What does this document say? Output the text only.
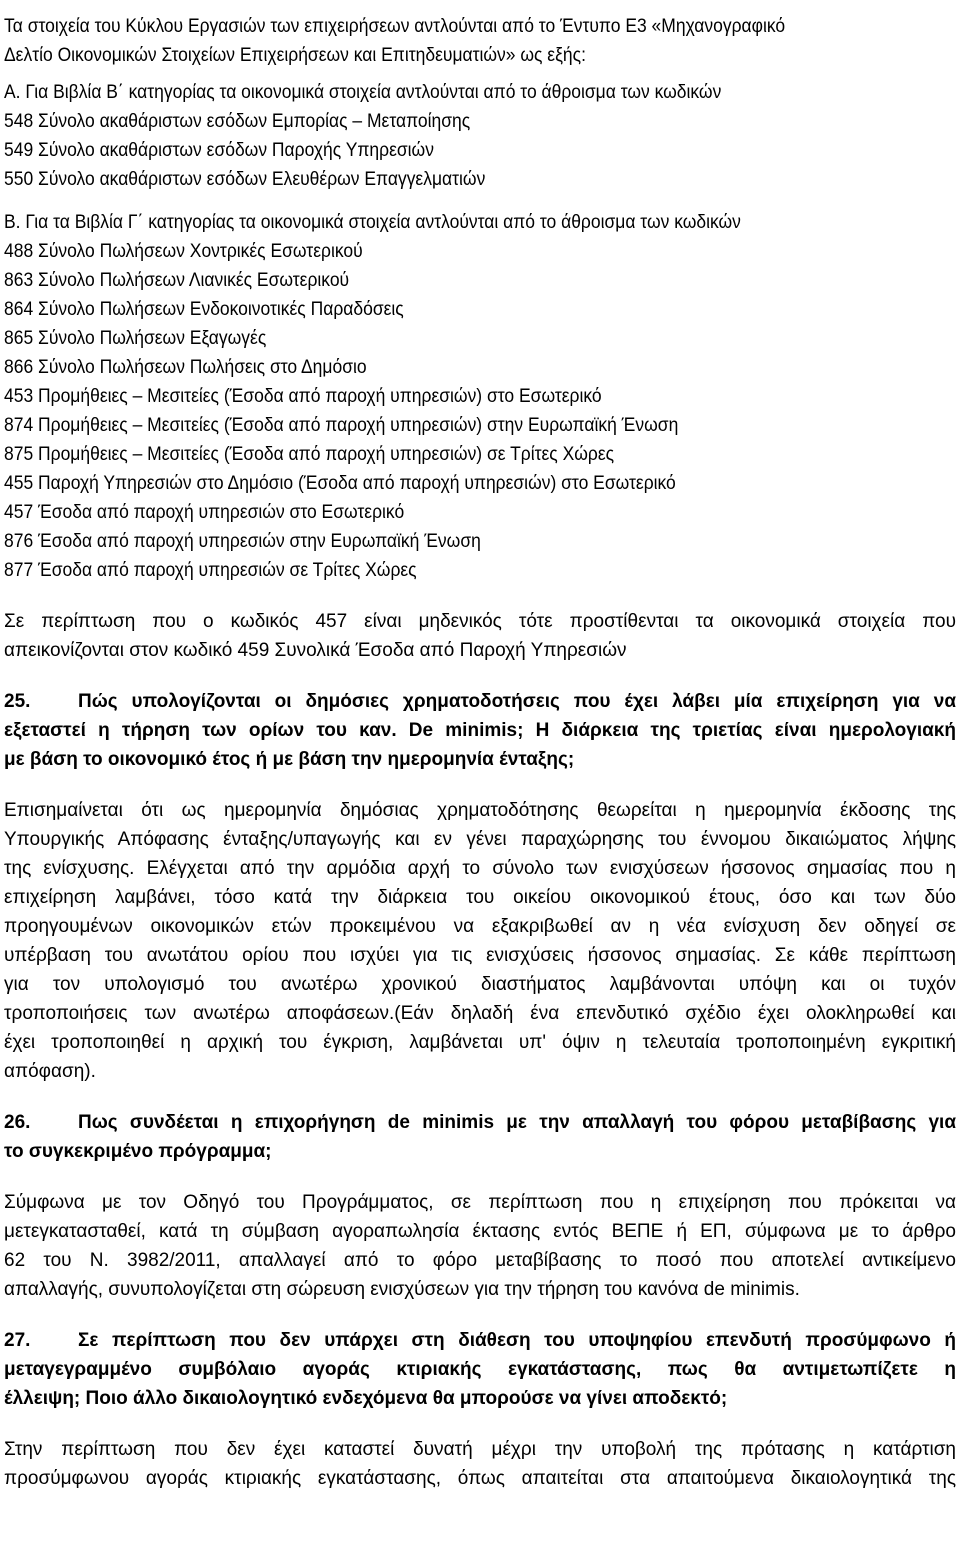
Τα στοιχεία του Κύκλου Εργασιών των επιχειρήσεων αντλούνται από το Έντυπο Ε3 «Μηχανογραφικό
Δελτίο Οικονομικών Στοιχείων Επιχειρήσεων και Επιτηδευματιών» ως εξής:
Α. Για Βιβλία Β΄ κατηγορίας τα οικονομικά στοιχεία αντλούνται από το άθροισμα των κωδικών
548 Σύνολο ακαθάριστων εσόδων Εμπορίας – Μεταποίησης
549 Σύνολο ακαθάριστων εσόδων Παροχής Υπηρεσιών
550 Σύνολο ακαθάριστων εσόδων Ελευθέρων Επαγγελματιών
Β. Για τα Βιβλία Γ΄ κατηγορίας τα οικονομικά στοιχεία αντλούνται από το άθροισμα των κωδικών
488 Σύνολο Πωλήσεων Χοντρικές Εσωτερικού
863 Σύνολο Πωλήσεων Λιανικές Εσωτερικού
864 Σύνολο Πωλήσεων Ενδοκοινοτικές Παραδόσεις
865 Σύνολο Πωλήσεων Εξαγωγές
866 Σύνολο Πωλήσεων Πωλήσεις στο Δημόσιο
453 Προμήθειες – Μεσιτείες (Έσοδα από παροχή υπηρεσιών) στο Εσωτερικό
874 Προμήθειες – Μεσιτείες (Έσοδα από παροχή υπηρεσιών) στην Ευρωπαϊκή Ένωση
875 Προμήθειες – Μεσιτείες (Έσοδα από παροχή υπηρεσιών) σε Τρίτες Χώρες
455 Παροχή Υπηρεσιών στο Δημόσιο (Έσοδα από παροχή υπηρεσιών) στο Εσωτερικό
457 Έσοδα από παροχή υπηρεσιών στο Εσωτερικό
876 Έσοδα από παροχή υπηρεσιών στην Ευρωπαϊκή Ένωση
877 Έσοδα από παροχή υπηρεσιών σε Τρίτες Χώρες
Σε περίπτωση που ο κωδικός 457 είναι μηδενικός τότε προστίθενται τα οικονομικά στοιχεία που
απεικονίζονται στον κωδικό 459 Συνολικά Έσοδα από Παροχή Υπηρεσιών
25.	Πώς υπολογίζονται οι δημόσιες χρηματοδοτήσεις που έχει λάβει μία επιχείρηση για να
εξεταστεί η τήρηση των ορίων του καν. De minimis; Η διάρκεια της τριετίας είναι ημερολογιακή
με βάση το οικονομικό έτος ή με βάση την ημερομηνία ένταξης;
Επισημαίνεται ότι ως ημερομηνία δημόσιας χρηματοδότησης θεωρείται η ημερομηνία έκδοσης της
Υπουργικής Απόφασης ένταξης/υπαγωγής και εν γένει παραχώρησης του έννομου δικαιώματος λήψης
της ενίσχυσης. Ελέγχεται από την αρμόδια αρχή το σύνολο των ενισχύσεων ήσσονος σημασίας που η
επιχείρηση λαμβάνει, τόσο κατά την διάρκεια του οικείου οικονομικού έτους, όσο και των δύο
προηγουμένων οικονομικών ετών προκειμένου να εξακριβωθεί αν η νέα ενίσχυση δεν οδηγεί σε
υπέρβαση του ανωτάτου ορίου που ισχύει για τις ενισχύσεις ήσσονος σημασίας. Σε κάθε περίπτωση
για τον υπολογισμό του ανωτέρω χρονικού διαστήματος λαμβάνονται υπόψη και οι τυχόν
τροποποιήσεις των ανωτέρω αποφάσεων.(Εάν δηλαδή ένα επενδυτικό σχέδιο έχει ολοκληρωθεί και
έχει τροποποιηθεί η αρχική του έγκριση, λαμβάνεται υπ' όψιν η τελευταία τροποποιημένη εγκριτική
απόφαση).
26.	Πως συνδέεται η επιχορήγηση de minimis με την απαλλαγή του φόρου μεταβίβασης για
το συγκεκριμένο πρόγραμμα;
Σύμφωνα με τον Οδηγό του Προγράμματος, σε περίπτωση που η επιχείρηση που πρόκειται να
μετεγκατασταθεί, κατά τη σύμβαση αγοραπωλησία έκτασης εντός ΒΕΠΕ ή ΕΠ, σύμφωνα με το άρθρο
62 του Ν. 3982/2011, απαλλαγεί από το φόρο μεταβίβασης το ποσό που αποτελεί αντικείμενο
απαλλαγής, συνυπολογίζεται στη σώρευση ενισχύσεων για την τήρηση του κανόνα de minimis.
27.	Σε περίπτωση που δεν υπάρχει στη διάθεση του υποψηφίου επενδυτή προσύμφωνο ή
μεταγεγραμμένο συμβόλαιο αγοράς κτιριακής εγκατάστασης, πως θα αντιμετωπίζετε η
έλλειψη; Ποιο άλλο δικαιολογητικό ενδεχόμενα θα μπορούσε να γίνει αποδεκτό;
Στην περίπτωση που δεν έχει καταστεί δυνατή μέχρι την υποβολή της πρότασης η κατάρτιση
προσύμφωνου αγοράς κτιριακής εγκατάστασης, όπως απαιτείται στα απαιτούμενα δικαιολογητικά της
